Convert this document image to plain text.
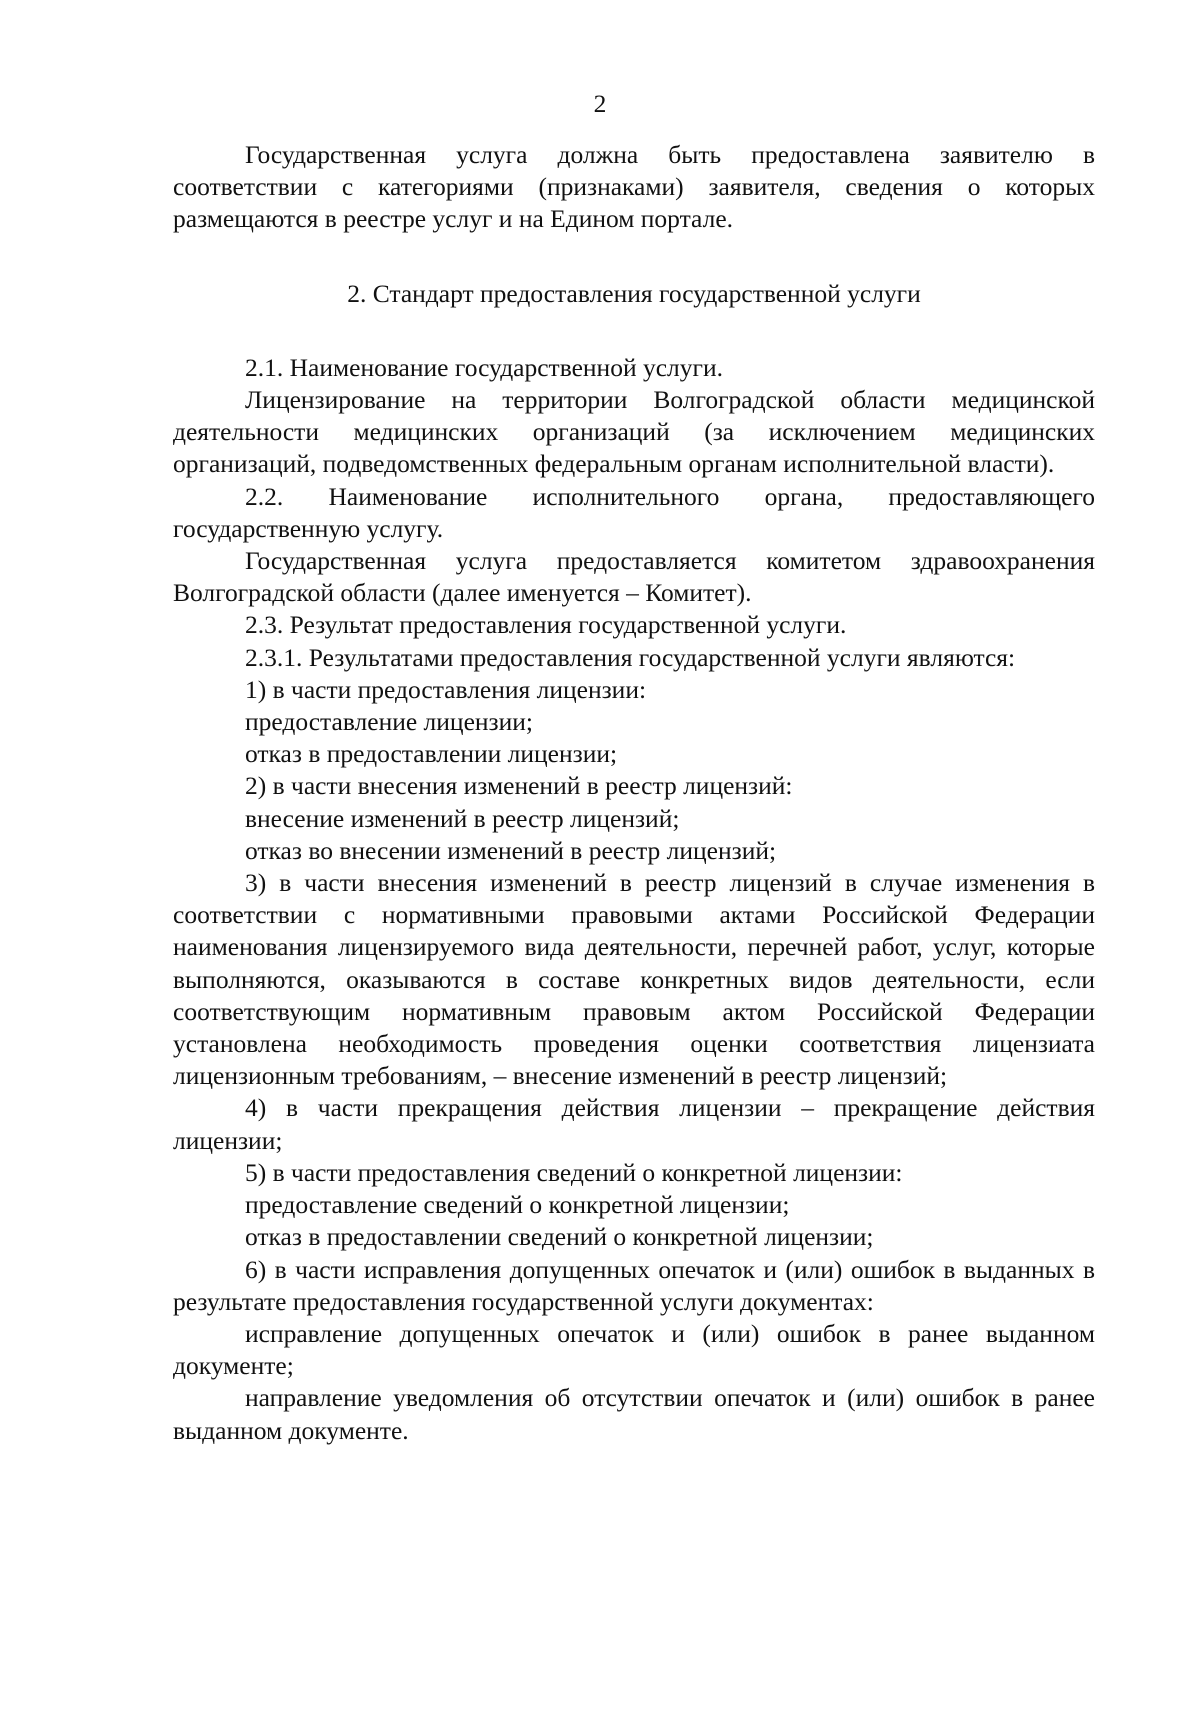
2

Государственная услуга должна быть предоставлена заявителю в соответствии с категориями (признаками) заявителя, сведения о которых размещаются в реестре услуг и на Едином портале.

2. Стандарт предоставления государственной услуги

2.1. Наименование государственной услуги.

Лицензирование на территории Волгоградской области медицинской деятельности медицинских организаций (за исключением медицинских организаций, подведомственных федеральным органам исполнительной власти).

2.2. Наименование исполнительного органа, предоставляющего государственную услугу.

Государственная услуга предоставляется комитетом здравоохранения Волгоградской области (далее именуется – Комитет).

2.3. Результат предоставления государственной услуги.

2.3.1. Результатами предоставления государственной услуги являются:

1) в части предоставления лицензии:

предоставление лицензии;

отказ в предоставлении лицензии;

2) в части внесения изменений в реестр лицензий:

внесение изменений в реестр лицензий;

отказ во внесении изменений в реестр лицензий;

3) в части внесения изменений в реестр лицензий в случае изменения в соответствии с нормативными правовыми актами Российской Федерации наименования лицензируемого вида деятельности, перечней работ, услуг, которые выполняются, оказываются в составе конкретных видов деятельности, если соответствующим нормативным правовым актом Российской Федерации установлена необходимость проведения оценки соответствия лицензиата лицензионным требованиям, – внесение изменений в реестр лицензий;

4) в части прекращения действия лицензии – прекращение действия лицензии;

5) в части предоставления сведений о конкретной лицензии:

предоставление сведений о конкретной лицензии;

отказ в предоставлении сведений о конкретной лицензии;

6) в части исправления допущенных опечаток и (или) ошибок в выданных в результате предоставления государственной услуги документах:

исправление допущенных опечаток и (или) ошибок в ранее выданном документе;

направление уведомления об отсутствии опечаток и (или) ошибок в ранее выданном документе.
